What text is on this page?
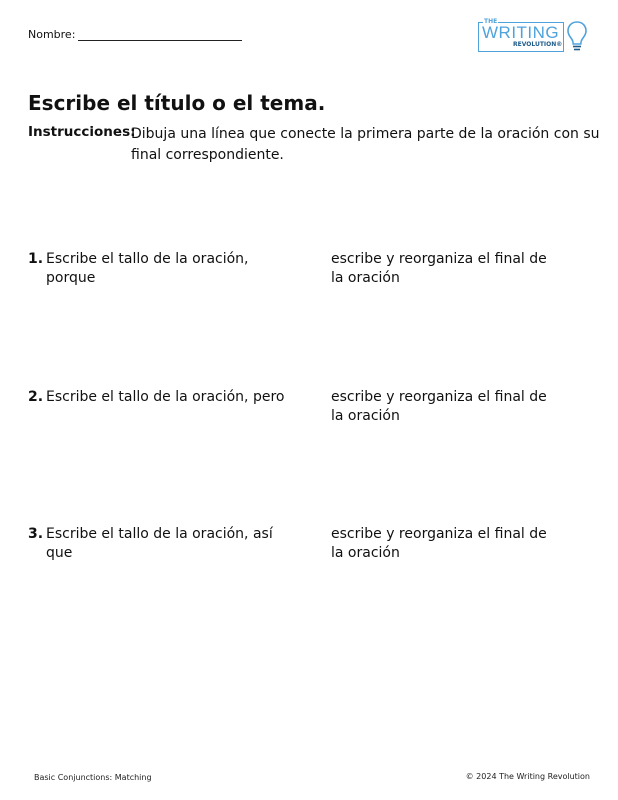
Nombre:
THE
WRITING
REVOLUTION®
Escribe el título o el tema.
Instrucciones:
Dibuja una línea que conecte la primera parte de la oración con su final correspondiente.
1. Escribe el tallo de la oración, porque
escribe y reorganiza el final de la oración
2. Escribe el tallo de la oración, pero	escribe y reorganiza el final de la oración
3. Escribe el tallo de la oración, así que
escribe y reorganiza el final de la oración
Basic Conjunctions: Matching	© 2024 The Writing Revolution
